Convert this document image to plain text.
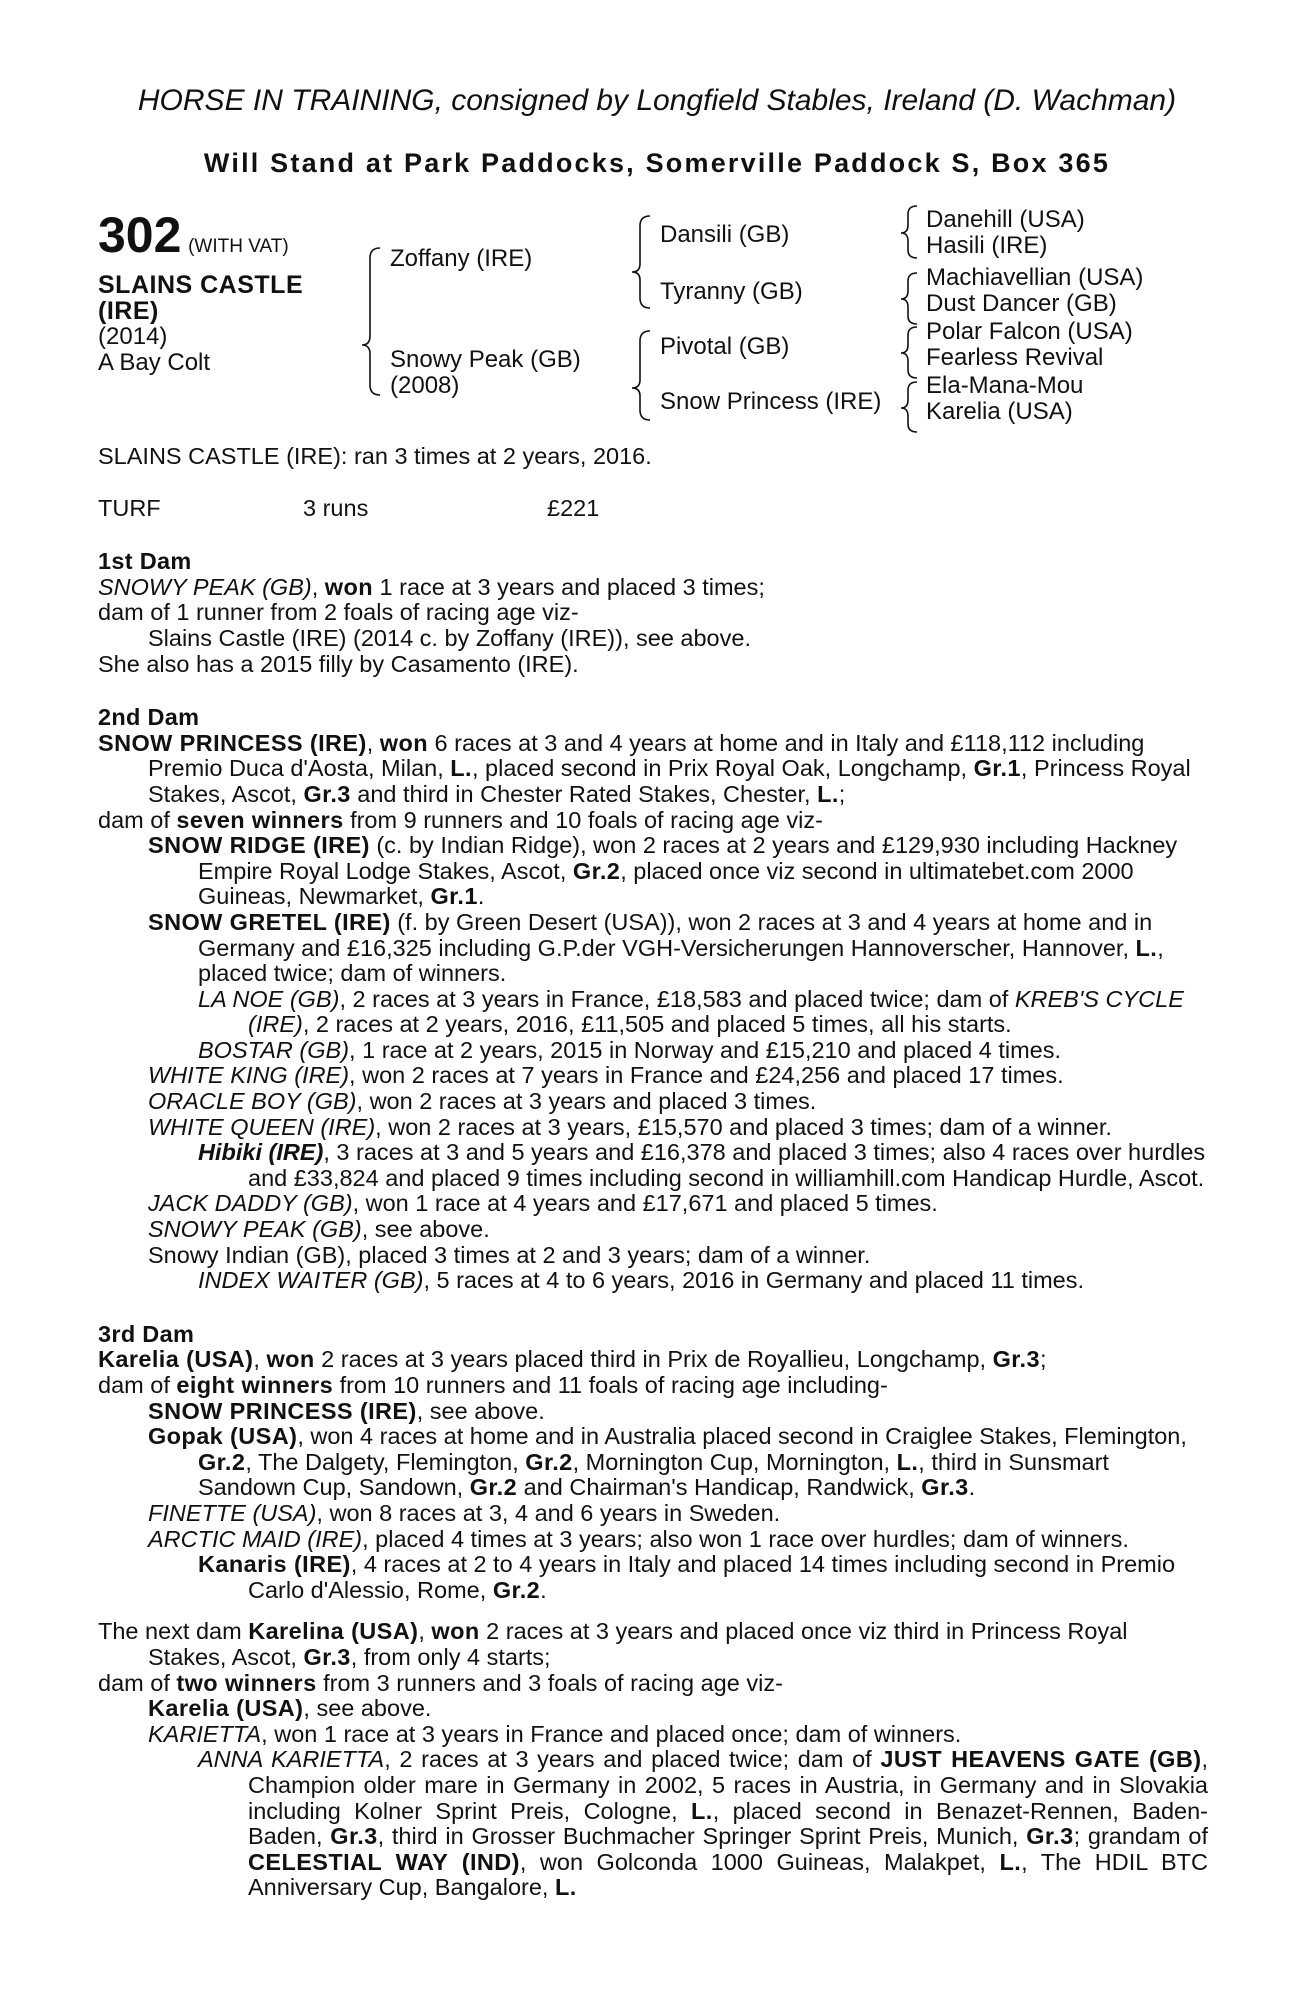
HORSE IN TRAINING, consigned by Longfield Stables, Ireland (D. Wachman)
Will Stand at Park Paddocks, Somerville Paddock S, Box 365
302 (WITH VAT)
SLAINS CASTLE
(IRE)
(2014)
A Bay Colt
Zoffany (IRE)
Snowy Peak (GB)
(2008)
Dansili (GB)
Tyranny (GB)
Pivotal (GB)
Snow Princess (IRE)
Danehill (USA)
Hasili (IRE)
Machiavellian (USA)
Dust Dancer (GB)
Polar Falcon (USA)
Fearless Revival
Ela-Mana-Mou
Karelia (USA)

SLAINS CASTLE (IRE): ran 3 times at 2 years, 2016.

TURF	3 runs	£221

1st Dam

SNOWY PEAK (GB), won 1 race at 3 years and placed 3 times;

dam of 1 runner from 2 foals of racing age viz-

Slains Castle (IRE) (2014 c. by Zoffany (IRE)), see above.

She also has a 2015 filly by Casamento (IRE).

2nd Dam

SNOW PRINCESS (IRE), won 6 races at 3 and 4 years at home and in Italy and £118,112 including Premio Duca d'Aosta, Milan, L., placed second in Prix Royal Oak, Longchamp, Gr.1, Princess Royal Stakes, Ascot, Gr.3 and third in Chester Rated Stakes, Chester, L.;

dam of seven winners from 9 runners and 10 foals of racing age viz-

SNOW RIDGE (IRE) (c. by Indian Ridge), won 2 races at 2 years and £129,930 including Hackney Empire Royal Lodge Stakes, Ascot, Gr.2, placed once viz second in ultimatebet.com 2000 Guineas, Newmarket, Gr.1.

SNOW GRETEL (IRE) (f. by Green Desert (USA)), won 2 races at 3 and 4 years at home and in Germany and £16,325 including G.P.der VGH-Versicherungen Hannoverscher, Hannover, L., placed twice; dam of winners.

LA NOE (GB), 2 races at 3 years in France, £18,583 and placed twice; dam of KREB'S CYCLE (IRE), 2 races at 2 years, 2016, £11,505 and placed 5 times, all his starts.

BOSTAR (GB), 1 race at 2 years, 2015 in Norway and £15,210 and placed 4 times.

WHITE KING (IRE), won 2 races at 7 years in France and £24,256 and placed 17 times.

ORACLE BOY (GB), won 2 races at 3 years and placed 3 times.

WHITE QUEEN (IRE), won 2 races at 3 years, £15,570 and placed 3 times; dam of a winner.

Hibiki (IRE), 3 races at 3 and 5 years and £16,378 and placed 3 times; also 4 races over hurdles and £33,824 and placed 9 times including second in williamhill.com Handicap Hurdle, Ascot.

JACK DADDY (GB), won 1 race at 4 years and £17,671 and placed 5 times.

SNOWY PEAK (GB), see above.

Snowy Indian (GB), placed 3 times at 2 and 3 years; dam of a winner.

INDEX WAITER (GB), 5 races at 4 to 6 years, 2016 in Germany and placed 11 times.

3rd Dam

Karelia (USA), won 2 races at 3 years placed third in Prix de Royallieu, Longchamp, Gr.3;

dam of eight winners from 10 runners and 11 foals of racing age including-

SNOW PRINCESS (IRE), see above.

Gopak (USA), won 4 races at home and in Australia placed second in Craiglee Stakes, Flemington, Gr.2, The Dalgety, Flemington, Gr.2, Mornington Cup, Mornington, L., third in Sunsmart Sandown Cup, Sandown, Gr.2 and Chairman's Handicap, Randwick, Gr.3.

FINETTE (USA), won 8 races at 3, 4 and 6 years in Sweden.

ARCTIC MAID (IRE), placed 4 times at 3 years; also won 1 race over hurdles; dam of winners.

Kanaris (IRE), 4 races at 2 to 4 years in Italy and placed 14 times including second in Premio Carlo d'Alessio, Rome, Gr.2.

The next dam Karelina (USA), won 2 races at 3 years and placed once viz third in Princess Royal Stakes, Ascot, Gr.3, from only 4 starts;

dam of two winners from 3 runners and 3 foals of racing age viz-

Karelia (USA), see above.

KARIETTA, won 1 race at 3 years in France and placed once; dam of winners.

ANNA KARIETTA, 2 races at 3 years and placed twice; dam of JUST HEAVENS GATE (GB), Champion older mare in Germany in 2002, 5 races in Austria, in Germany and in Slovakia including Kolner Sprint Preis, Cologne, L., placed second in Benazet-Rennen, Baden-Baden, Gr.3, third in Grosser Buchmacher Springer Sprint Preis, Munich, Gr.3; grandam of CELESTIAL WAY (IND), won Golconda 1000 Guineas, Malakpet, L., The HDIL BTC Anniversary Cup, Bangalore, L.
